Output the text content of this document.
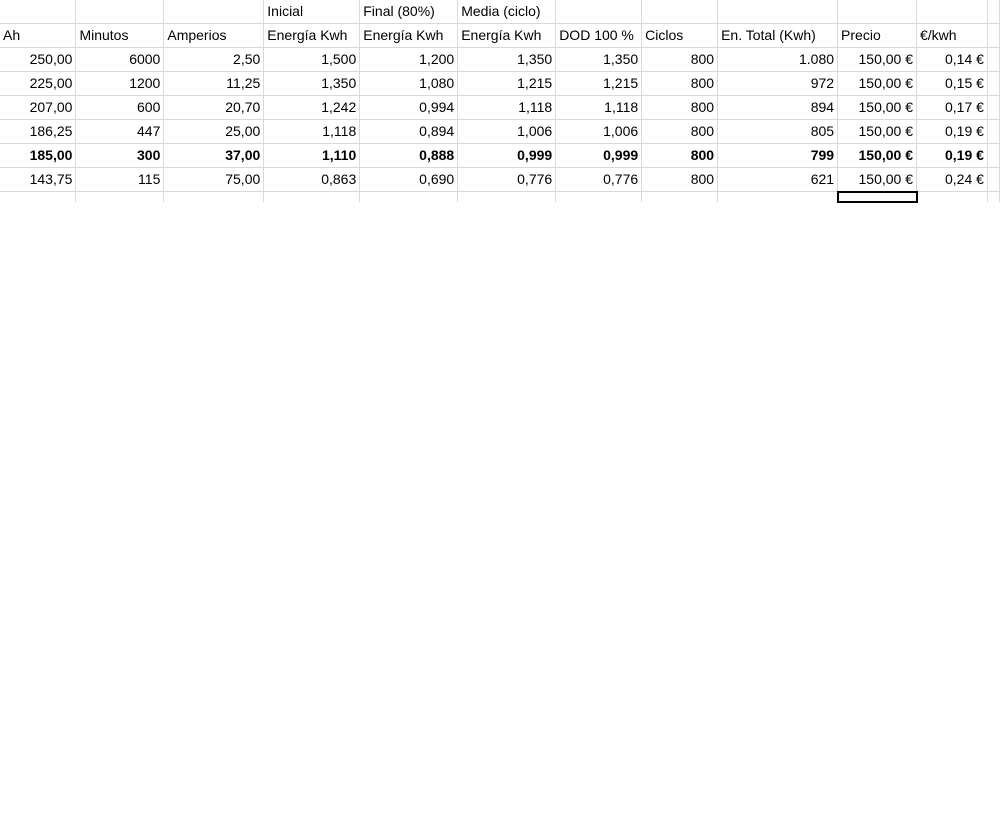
			Inicial	Final (80%)	Media (ciclo)						
Ah	Minutos	Amperios	Energía Kwh	Energía Kwh	Energía Kwh	DOD 100 %	Ciclos	En. Total (Kwh)	Precio	€/kwh	
250,00	6000	2,50	1,500	1,200	1,350	1,350	800	1.080	150,00 €	0,14 €	
225,00	1200	11,25	1,350	1,080	1,215	1,215	800	972	150,00 €	0,15 €	
207,00	600	20,70	1,242	0,994	1,118	1,118	800	894	150,00 €	0,17 €	
186,25	447	25,00	1,118	0,894	1,006	1,006	800	805	150,00 €	0,19 €	
185,00	300	37,00	1,110	0,888	0,999	0,999	800	799	150,00 €	0,19 €	
143,75	115	75,00	0,863	0,690	0,776	0,776	800	621	150,00 €	0,24 €	
